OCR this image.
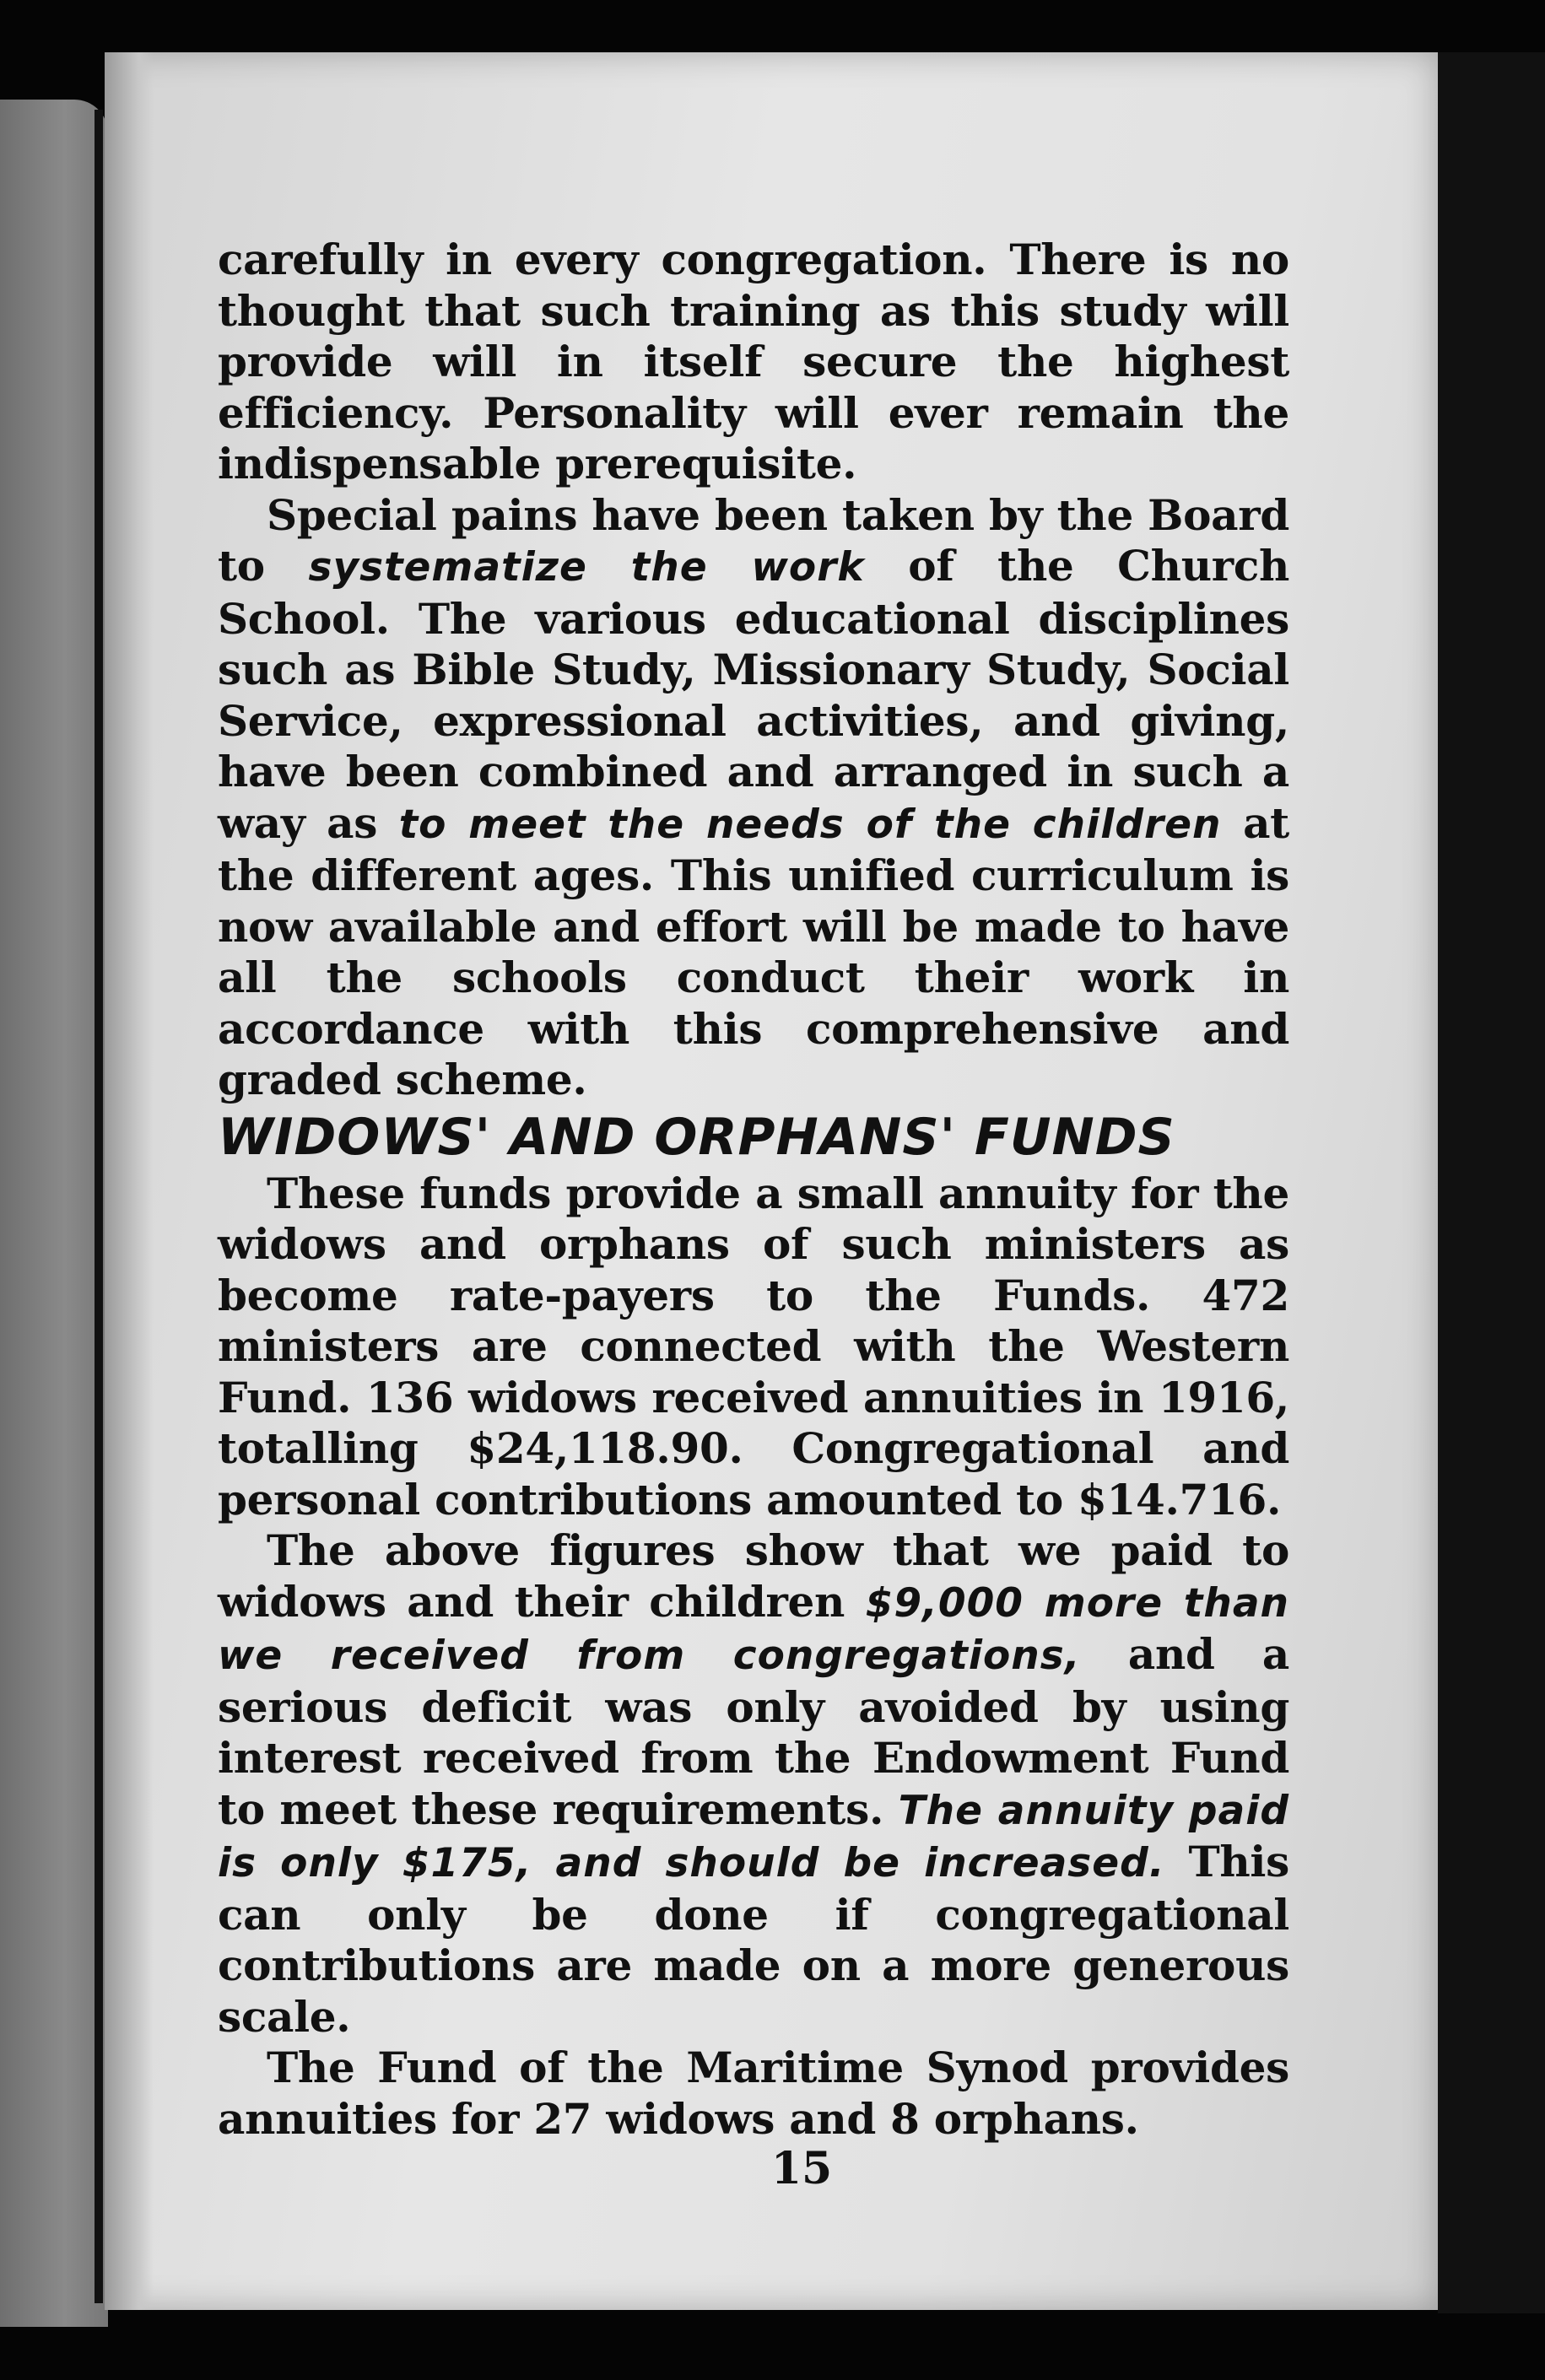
carefully in every congregation. There is no thought that such training as this study will provide will in itself secure the highest efficiency. Personality will ever remain the indispensable prerequisite.

Special pains have been taken by the Board to systematize the work of the Church School. The various educational disciplines such as Bible Study, Missionary Study, Social Service, expressional activities, and giving, have been combined and arranged in such a way as to meet the needs of the children at the different ages. This unified curriculum is now available and effort will be made to have all the schools conduct their work in accordance with this comprehensive and graded scheme.

WIDOWS' AND ORPHANS' FUNDS

These funds provide a small annuity for the widows and orphans of such ministers as become rate-payers to the Funds. 472 ministers are connected with the Western Fund. 136 widows received annuities in 1916, totalling $24,118.90. Congregational and personal contributions amounted to $14.716.

The above figures show that we paid to widows and their children $9,000 more than we received from congregations, and a serious deficit was only avoided by using interest received from the Endowment Fund to meet these requirements. The annuity paid is only $175, and should be increased. This can only be done if congregational contributions are made on a more generous scale.

The Fund of the Maritime Synod provides annuities for 27 widows and 8 orphans.

15
